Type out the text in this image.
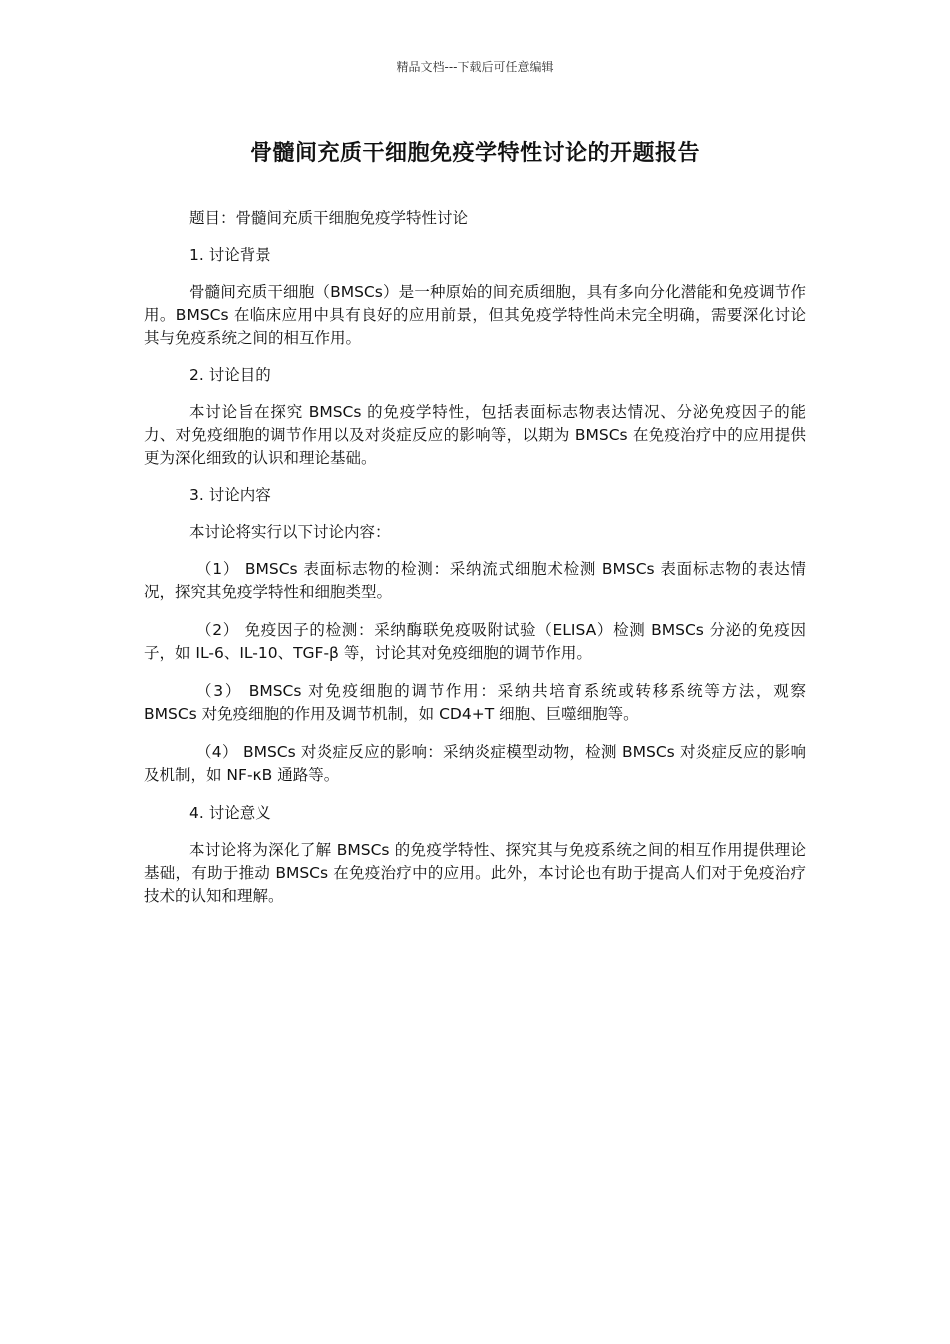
精品文档---下载后可任意编辑
骨髓间充质干细胞免疫学特性讨论的开题报告

题目：骨髓间充质干细胞免疫学特性讨论

1. 讨论背景

骨髓间充质干细胞（BMSCs）是一种原始的间充质细胞，具有多向分化潜能和免疫调节作用。BMSCs 在临床应用中具有良好的应用前景，但其免疫学特性尚未完全明确，需要深化讨论其与免疫系统之间的相互作用。

2. 讨论目的

本讨论旨在探究 BMSCs 的免疫学特性，包括表面标志物表达情况、分泌免疫因子的能力、对免疫细胞的调节作用以及对炎症反应的影响等，以期为 BMSCs 在免疫治疗中的应用提供更为深化细致的认识和理论基础。

3. 讨论内容

本讨论将实行以下讨论内容：

（1） BMSCs 表面标志物的检测：采纳流式细胞术检测 BMSCs 表面标志物的表达情况，探究其免疫学特性和细胞类型。

（2） 免疫因子的检测：采纳酶联免疫吸附试验（ELISA）检测 BMSCs 分泌的免疫因子，如 IL-6、IL-10、TGF-β 等，讨论其对免疫细胞的调节作用。

（3） BMSCs 对免疫细胞的调节作用：采纳共培育系统或转移系统等方法，观察 BMSCs 对免疫细胞的作用及调节机制，如 CD4+T 细胞、巨噬细胞等。

（4） BMSCs 对炎症反应的影响：采纳炎症模型动物，检测 BMSCs 对炎症反应的影响及机制，如 NF-κB 通路等。

4. 讨论意义

本讨论将为深化了解 BMSCs 的免疫学特性、探究其与免疫系统之间的相互作用提供理论基础，有助于推动 BMSCs 在免疫治疗中的应用。此外，本讨论也有助于提高人们对于免疫治疗技术的认知和理解。
